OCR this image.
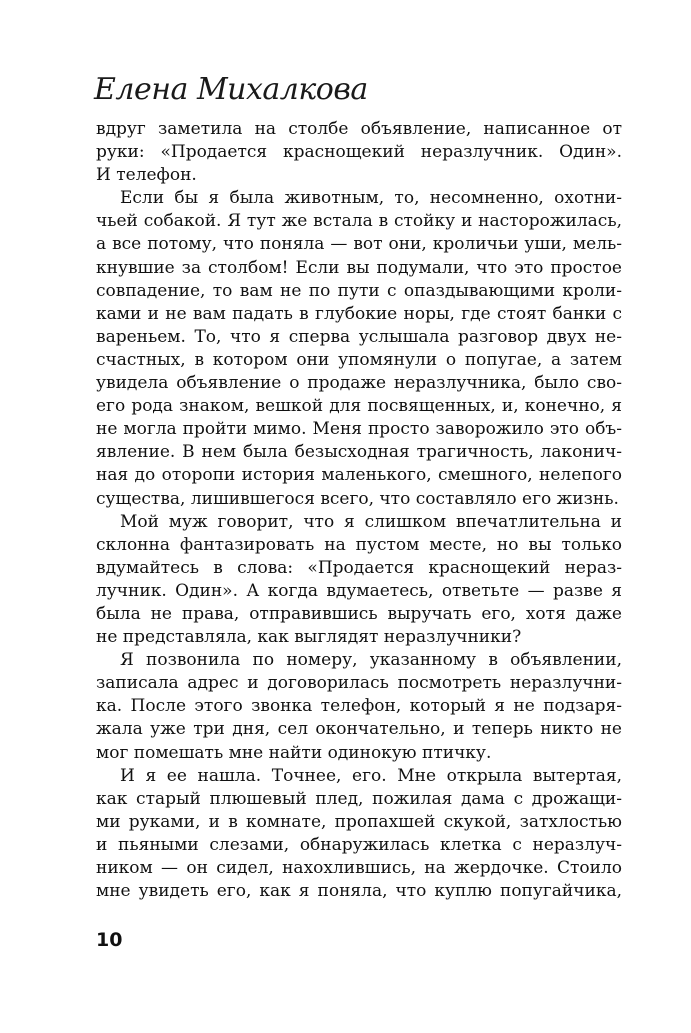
Елена Михалкова
вдруг заметила на столбе объявление, написанное от
руки: «Продается краснощекий неразлучник. Один».
И телефон.
Если бы я была животным, то, несомненно, охотни-
чьей собакой. Я тут же встала в стойку и насторожилась,
а все потому, что поняла — вот они, кроличьи уши, мель-
кнувшие за столбом! Если вы подумали, что это простое
совпадение, то вам не по пути с опаздывающими кроли-
ками и не вам падать в глубокие норы, где стоят банки с
вареньем. То, что я сперва услышала разговор двух не-
счастных, в котором они упомянули о попугае, а затем
увидела объявление о продаже неразлучника, было сво-
его рода знаком, вешкой для посвященных, и, конечно, я
не могла пройти мимо. Меня просто заворожило это объ-
явление. В нем была безысходная трагичность, лаконич-
ная до оторопи история маленького, смешного, нелепого
существа, лишившегося всего, что составляло его жизнь.
Мой муж говорит, что я слишком впечатлительна и
склонна фантазировать на пустом месте, но вы только
вдумайтесь в слова: «Продается краснощекий нераз-
лучник. Один». А когда вдумаетесь, ответьте — разве я
была не права, отправившись выручать его, хотя даже
не представляла, как выглядят неразлучники?
Я позвонила по номеру, указанному в объявлении,
записала адрес и договорилась посмотреть неразлучни-
ка. После этого звонка телефон, который я не подзаря-
жала уже три дня, сел окончательно, и теперь никто не
мог помешать мне найти одинокую птичку.
И я ее нашла. Точнее, его. Мне открыла вытертая,
как старый плюшевый плед, пожилая дама с дрожащи-
ми руками, и в комнате, пропахшей скукой, затхлостью
и пьяными слезами, обнаружилась клетка с неразлуч-
ником — он сидел, нахохлившись, на жердочке. Стоило
мне увидеть его, как я поняла, что куплю попугайчика,
10
